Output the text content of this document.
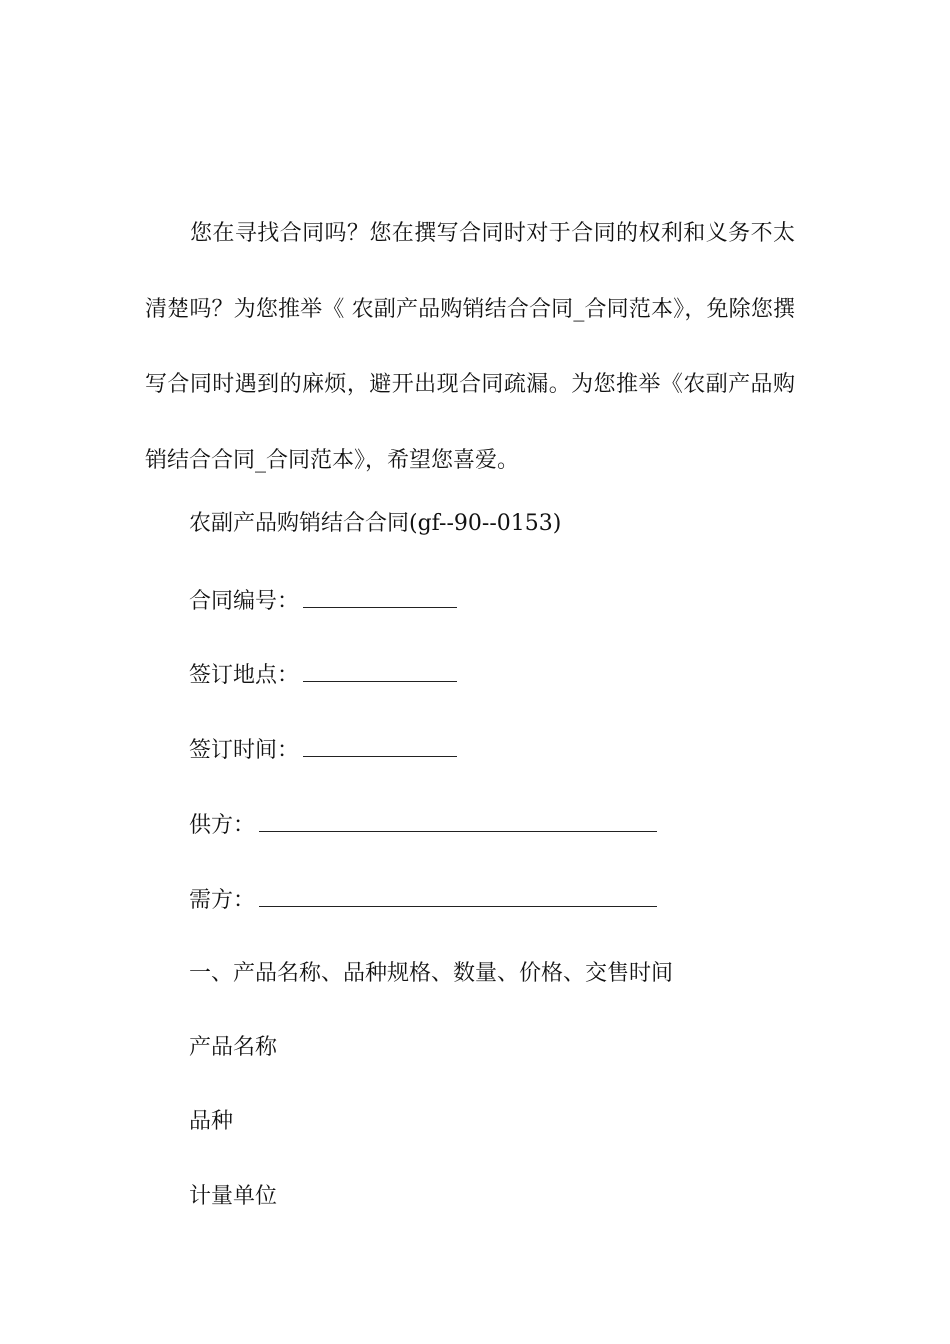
您在寻找合同吗？您在撰写合同时对于合同的权利和义务不太清楚吗？为您推举《 农副产品购销结合合同_合同范本》，免除您撰写合同时遇到的麻烦，避开出现合同疏漏。为您推举《农副产品购销结合合同_合同范本》，希望您喜爱。

农副产品购销结合合同(gf--90--0153)
合同编号：
签订地点：
签订时间：
供方：
需方：
一、产品名称、品种规格、数量、价格、交售时间
产品名称
品种
计量单位
